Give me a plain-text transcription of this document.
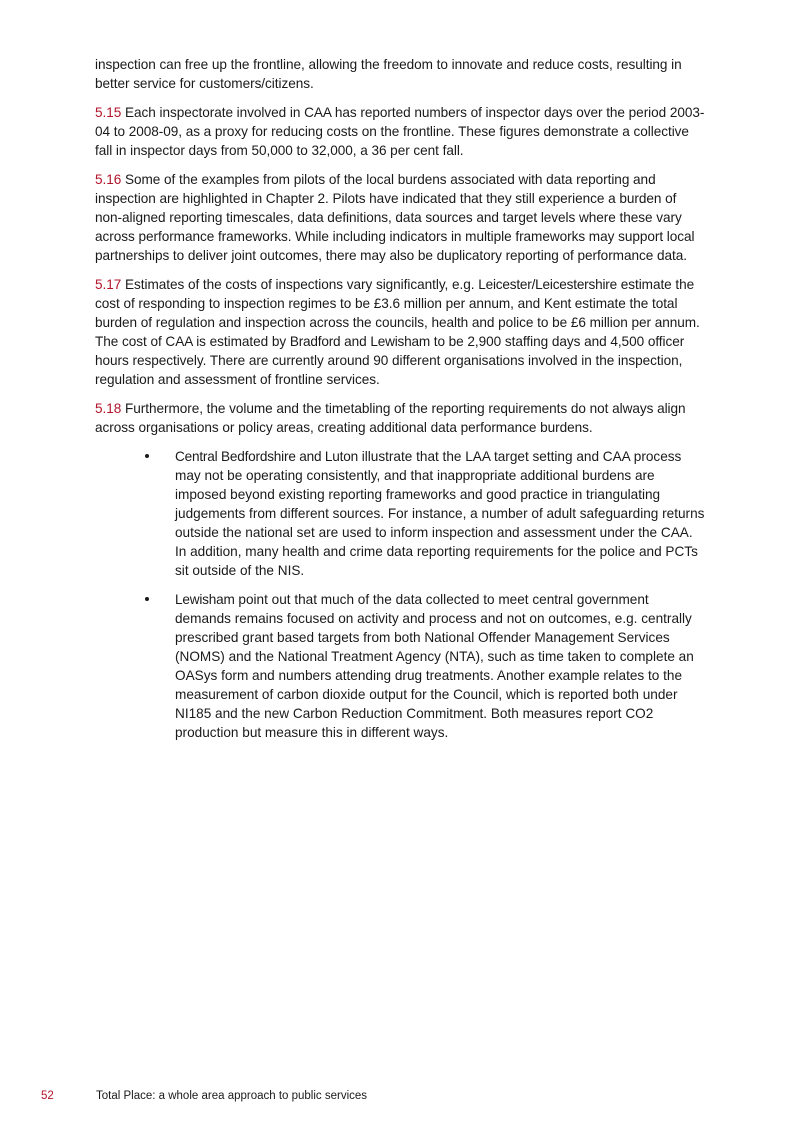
inspection can free up the frontline, allowing the freedom to innovate and reduce costs, resulting in better service for customers/citizens.

5.15 Each inspectorate involved in CAA has reported numbers of inspector days over the period 2003-04 to 2008-09, as a proxy for reducing costs on the frontline. These figures demonstrate a collective fall in inspector days from 50,000 to 32,000, a 36 per cent fall.

5.16 Some of the examples from pilots of the local burdens associated with data reporting and inspection are highlighted in Chapter 2. Pilots have indicated that they still experience a burden of non-aligned reporting timescales, data definitions, data sources and target levels where these vary across performance frameworks. While including indicators in multiple frameworks may support local partnerships to deliver joint outcomes, there may also be duplicatory reporting of performance data.

5.17 Estimates of the costs of inspections vary significantly, e.g. Leicester/Leicestershire estimate the cost of responding to inspection regimes to be £3.6 million per annum, and Kent estimate the total burden of regulation and inspection across the councils, health and police to be £6 million per annum. The cost of CAA is estimated by Bradford and Lewisham to be 2,900 staffing days and 4,500 officer hours respectively. There are currently around 90 different organisations involved in the inspection, regulation and assessment of frontline services.

5.18 Furthermore, the volume and the timetabling of the reporting requirements do not always align across organisations or policy areas, creating additional data performance burdens.

Central Bedfordshire and Luton illustrate that the LAA target setting and CAA process may not be operating consistently, and that inappropriate additional burdens are imposed beyond existing reporting frameworks and good practice in triangulating judgements from different sources. For instance, a number of adult safeguarding returns outside the national set are used to inform inspection and assessment under the CAA. In addition, many health and crime data reporting requirements for the police and PCTs sit outside of the NIS.
Lewisham point out that much of the data collected to meet central government demands remains focused on activity and process and not on outcomes, e.g. centrally prescribed grant based targets from both National Offender Management Services (NOMS) and the National Treatment Agency (NTA), such as time taken to complete an OASys form and numbers attending drug treatments. Another example relates to the measurement of carbon dioxide output for the Council, which is reported both under NI185 and the new Carbon Reduction Commitment. Both measures report CO2 production but measure this in different ways.
52	Total Place: a whole area approach to public services
